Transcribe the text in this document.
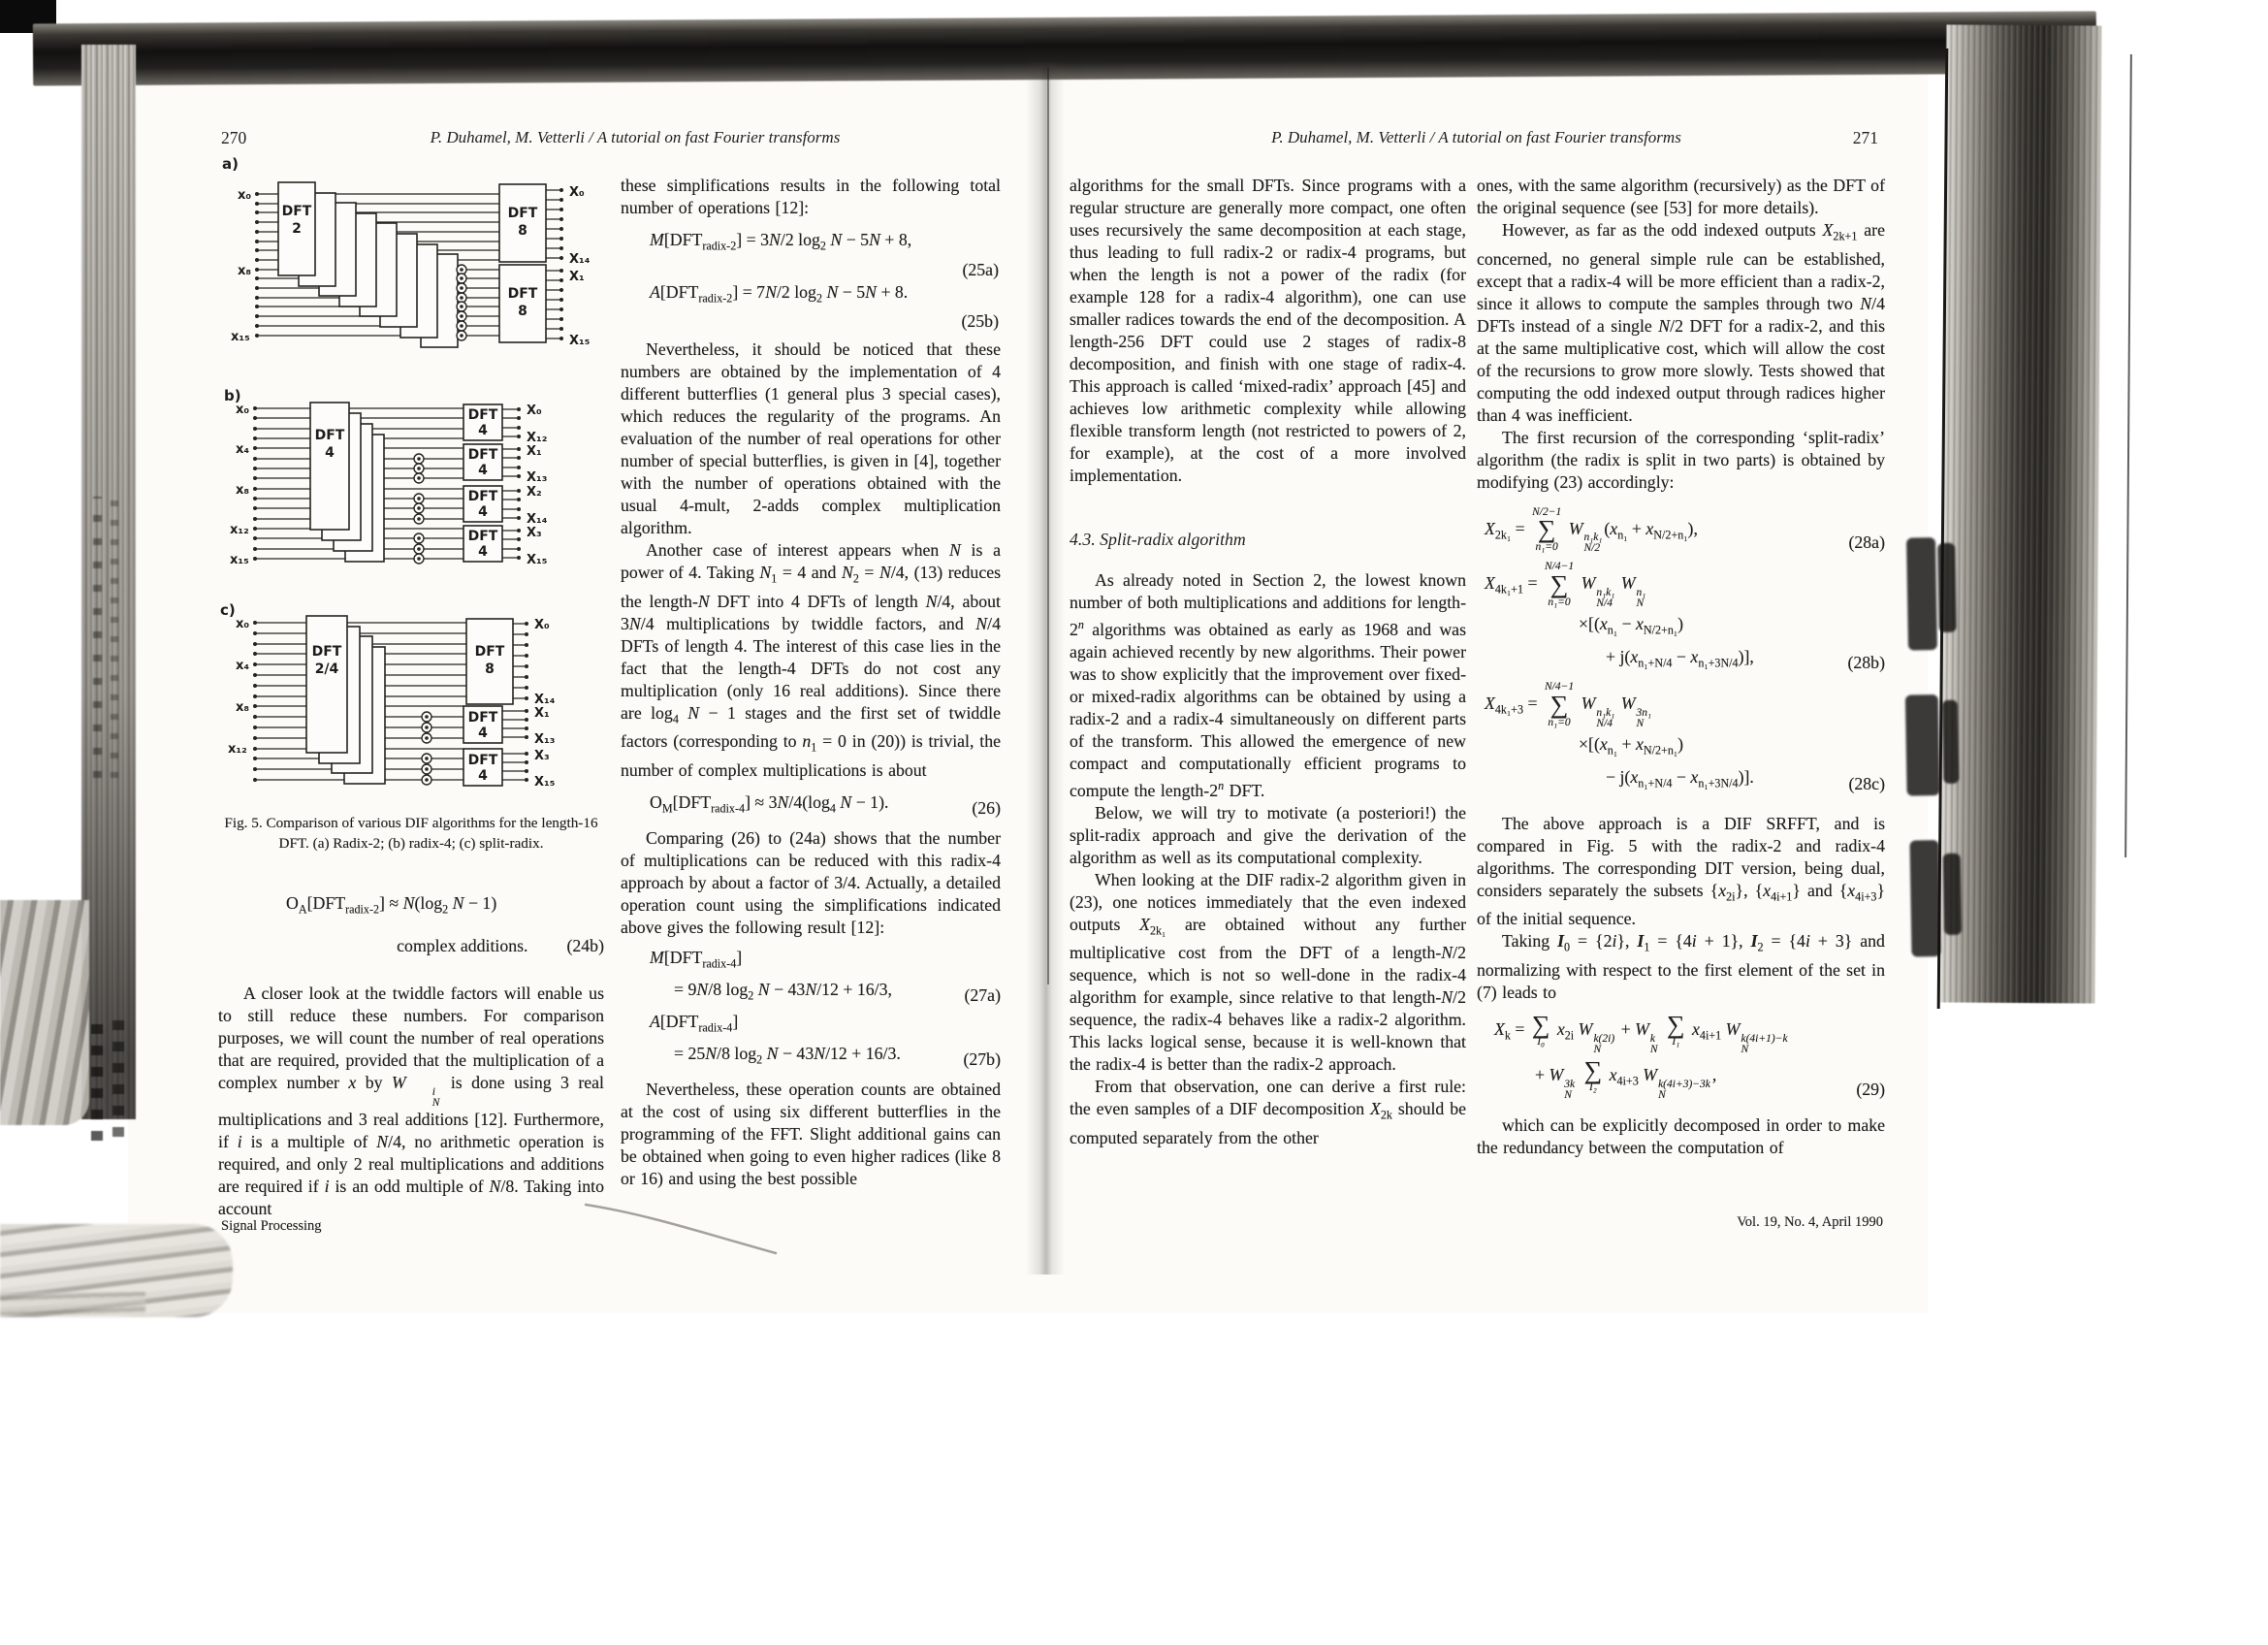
270	P. Duhamel, M. Vetterli / A tutorial on fast Fourier transforms	P. Duhamel, M. Vetterli / A tutorial on fast Fourier transforms	271
a)
x₀
x₈
x₁₅
DFT
2
DFT
8
DFT
8
X₀
X₁₄
X₁
X₁₅

b)
x₀
x₄
x₈
x₁₂
x₁₅
DFT
4
DFT
4
DFT
4
DFT
4
DFT
4
X₀
X₁₂
X₁
X₁₃
X₂
X₁₄
X₃
X₁₅

c)
x₀
x₄
x₈
x₁₂
DFT
2/4
DFT
8
DFT
4
DFT
4
X₀
X₁₄
X₁
X₁₃
X₃
X₁₅
Fig. 5. Comparison of various DIF algorithms for the length-16
DFT. (a) Radix-2; (b) radix-4; (c) split-radix.
$O_A[DFT_{radix-2}] \approx N(\log_2$ N − 1)
complex additions.	(24b)

A closer look at the twiddle factors will enable us to still reduce these numbers. For comparison purposes, we will count the number of real operations that are required, provided that the multiplication of a complex number x by W	i
N
is done using 3 real multiplications and 3 real additions [12]. Furthermore, if i is a multiple of N/4, no arithmetic operation is required, and only 2 real multiplications and additions are required if i is an odd multiple of N/8. Taking into account

Signal Processing

these simplifications results in the following total number of operations [12]:

$M[DFT_{radix-2}] = 3N/2$ $\log_2 N - 5N + 8$,
(25a)
$A[DFT_{radix-2}] = 7N/2$ $\log_2 N - 5N + 8$.
(25b)

Nevertheless, it should be noticed that these numbers are obtained by the implementation of 4 different butterflies (1 general plus 3 special cases), which reduces the regularity of the programs. An evaluation of the number of real operations for other number of special butterflies, is given in [4], together with the number of operations obtained with the usual 4-mult, 2-adds complex multiplication algorithm.

Another case of interest appears when N is a power of 4. Taking $N_1 = 4$ and $N_2 = N/4$, (13) reduces the length-N DFT into 4 DFTs of length N/4, about 3N/4 multiplications by twiddle factors, and N/4 DFTs of length 4. The interest of this case lies in the fact that the length-4 DFTs do not cost any multiplication (only 16 real additions). Since there are $\log_4 N - 1$ stages and the first set of twiddle factors (corresponding to $n_1 = 0$ in (20)) is trivial, the number of complex multiplications is about

$O_M[DFT_{radix-4}] \approx 3N/4(\log_4$ N − 1).	(26)

Comparing (26) to (24a) shows that the number of multiplications can be reduced with this radix-4 approach by about a factor of 3/4. Actually, a detailed operation count using the simplifications indicated above gives the following result [12]:

$M[DFT_{radix-4}]$
= 9N/8 $\log_2 N - 43N/12 + 16/3$,	(27a)
$A[DFT_{radix-4}]$
= 25N/8 $\log_2 N - 43N/12 + 16/3$.	(27b)

Nevertheless, these operation counts are obtained at the cost of using six different butterflies in the programming of the FFT. Slight additional gains can be obtained when going to even higher radices (like 8 or 16) and using the best possible

algorithms for the small DFTs. Since programs with a regular structure are generally more compact, one often uses recursively the same decomposition at each stage, thus leading to full radix-2 or radix-4 programs, but when the length is not a power of the radix (for example 128 for a radix-4 algorithm), one can use smaller radices towards the end of the decomposition. A length-256 DFT could use 2 stages of radix-8 decomposition, and finish with one stage of radix-4. This approach is called ‘mixed-radix’ approach [45] and achieves low arithmetic complexity while allowing flexible transform length (not restricted to powers of 2, for example), at the cost of a more involved implementation.

4.3. Split-radix algorithm

As already noted in Section 2, the lowest known number of both multiplications and additions for length-2$^n$ algorithms was obtained as early as 1968 and was again achieved recently by new algorithms. Their power was to show explicitly that the improvement over fixed- or mixed-radix algorithms can be obtained by using a radix-2 and a radix-4 simultaneously on different parts of the transform. This allowed the emergence of new compact and computationally efficient programs to compute the length-2$^n$ DFT.

Below, we will try to motivate (a posteriori!) the split-radix approach and give the derivation of the algorithm as well as its computational complexity.

When looking at the DIF radix-2 algorithm given in (23), one notices immediately that the even indexed outputs $X_{2k_1}$ are obtained without any further multiplicative cost from the DFT of a length-N/2 sequence, which is not so well-done in the radix-4 algorithm for example, since relative to that length-N/2 sequence, the radix-4 behaves like a radix-2 algorithm. This lacks logical sense, because it is well-known that the radix-4 is better than the radix-2 approach.

From that observation, one can derive a first rule: the even samples of a DIF decomposition $X_{2k}$ should be computed separately from the other

ones, with the same algorithm (recursively) as the DFT of the original sequence (see [53] for more details).

However, as far as the odd indexed outputs $X_{2k+1}$ are concerned, no general simple rule can be established, except that a radix-4 will be more efficient than a radix-2, since it allows to compute the samples through two N/4 DFTs instead of a single N/2 DFT for a radix-2, and this at the same multiplicative cost, which will allow the cost of the recursions to grow more slowly. Tests showed that computing the odd indexed output through radices higher than 4 was inefficient.

The first recursion of the corresponding ‘split-radix’ algorithm (the radix is split in two parts) is obtained by modifying (23) accordingly:

$X_{2k_1}$ =
N/2−1
∑
n₁=0
W n₁k₁
N/2
$(x_{n_1} + x_{N/2+n_1})$,
(28a)
$X_{4k_1+1}$ =
N/4−1
∑
n₁=0
W n₁k₁
N/4
W n₁
N
$\times[(x_{n_1} - x_{N/2+n_1})$
+ $j(x_{n_1+N/4} - x_{n_1+3N/4})$],	(28b)
$X_{4k_1+3}$ =
N/4−1
∑
n₁=0
W n₁k₁
N/4
W 3n₁
N
$\times[(x_{n_1} + x_{N/2+n_1})$
− $j(x_{n_1+N/4} - x_{n_1+3N/4})$].	(28c)

The above approach is a DIF SRFFT, and is compared in Fig. 5 with the radix-2 and radix-4 algorithms. The corresponding DIT version, being dual, considers separately the subsets $\{x_{2i}\}$, $\{x_{4i+1}\}$ and $\{x_{4i+3}\}$ of the initial sequence.

Taking $I_0 = \{2i\}$, $I_1 = \{4i + 1\}$, $I_2 = \{4i + 3\}$ and normalizing with respect to the first element of the set in (7) leads to

$X_k$ = ∑
I₀
$x_{2i}$ W k(2i)
N
+ W k
N

∑
I₁
$x_{4i+1}$ W k(4i+1)−k
N
+ W 3k
N

∑
I₂
$x_{4i+3}$ W k(4i+3)−3k
N
,
(29)

which can be explicitly decomposed in order to make the redundancy between the computation of

Vol. 19, No. 4, April 1990
